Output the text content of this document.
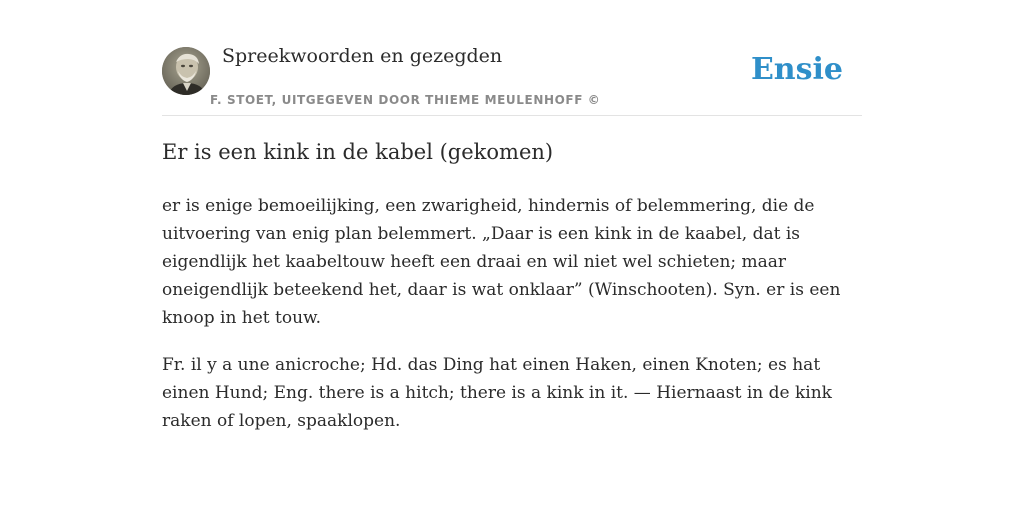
Spreekwoorden en gezegden
F. STOET, UITGEGEVEN DOOR THIEME MEULENHOFF ©
Ensie
Er is een kink in de kabel (gekomen)

er is enige bemoeilijking, een zwarigheid, hindernis of belemmering, die de uitvoering van enig plan belemmert. „Daar is een kink in de kaabel, dat is eigendlijk het kaabeltouw heeft een draai en wil niet wel schieten; maar oneigendlijk beteekend het, daar is wat onklaar” (Winschooten). Syn. er is een knoop in het touw.

Fr. il y a une anicroche; Hd. das Ding hat einen Haken, einen Knoten; es hat einen Hund; Eng. there is a hitch; there is a kink in it. — Hiernaast in de kink raken of lopen, spaaklopen.
